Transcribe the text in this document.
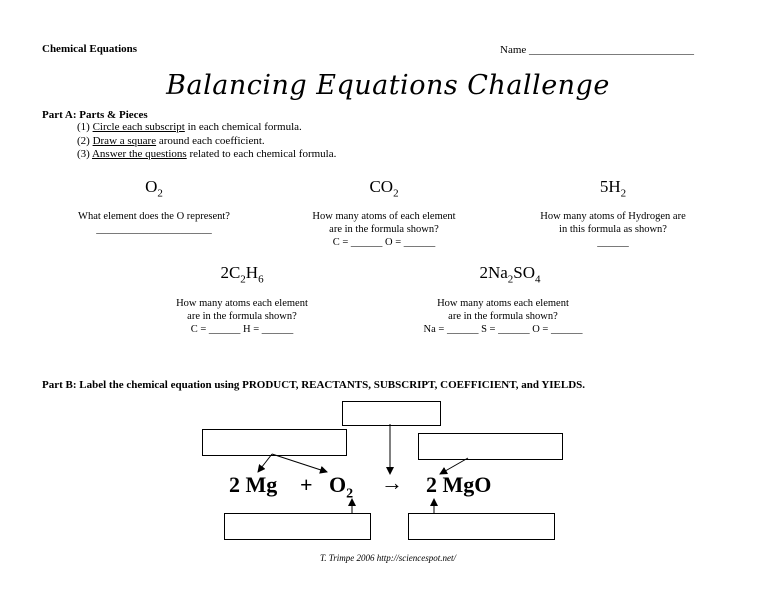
Chemical Equations	Name ______________________________
Balancing Equations Challenge
Part A: Parts & Pieces
(1) Circle each subscript in each chemical formula.
(2) Draw a square around each coefficient.
(3) Answer the questions related to each chemical formula.
$O_2$
What element does the O represent?
______________________
$CO_2$
How many atoms of each element
are in the formula shown?
C = ______ O = ______
$5H_2$
How many atoms of Hydrogen are
in this formula as shown?
______
$2C_2H_6$
How many atoms each element
are in the formula shown?
C = ______ H = ______
$2Na_2SO_4$
How many atoms each element
are in the formula shown?
Na = ______ S = ______ O = ______
Part B: Label the chemical equation using PRODUCT, REACTANTS, SUBSCRIPT, COEFFICIENT, and YIELDS.
2 $Mg + O_2 \to 2$ MgO
T. Trimpe 2006 http://sciencespot.net/
